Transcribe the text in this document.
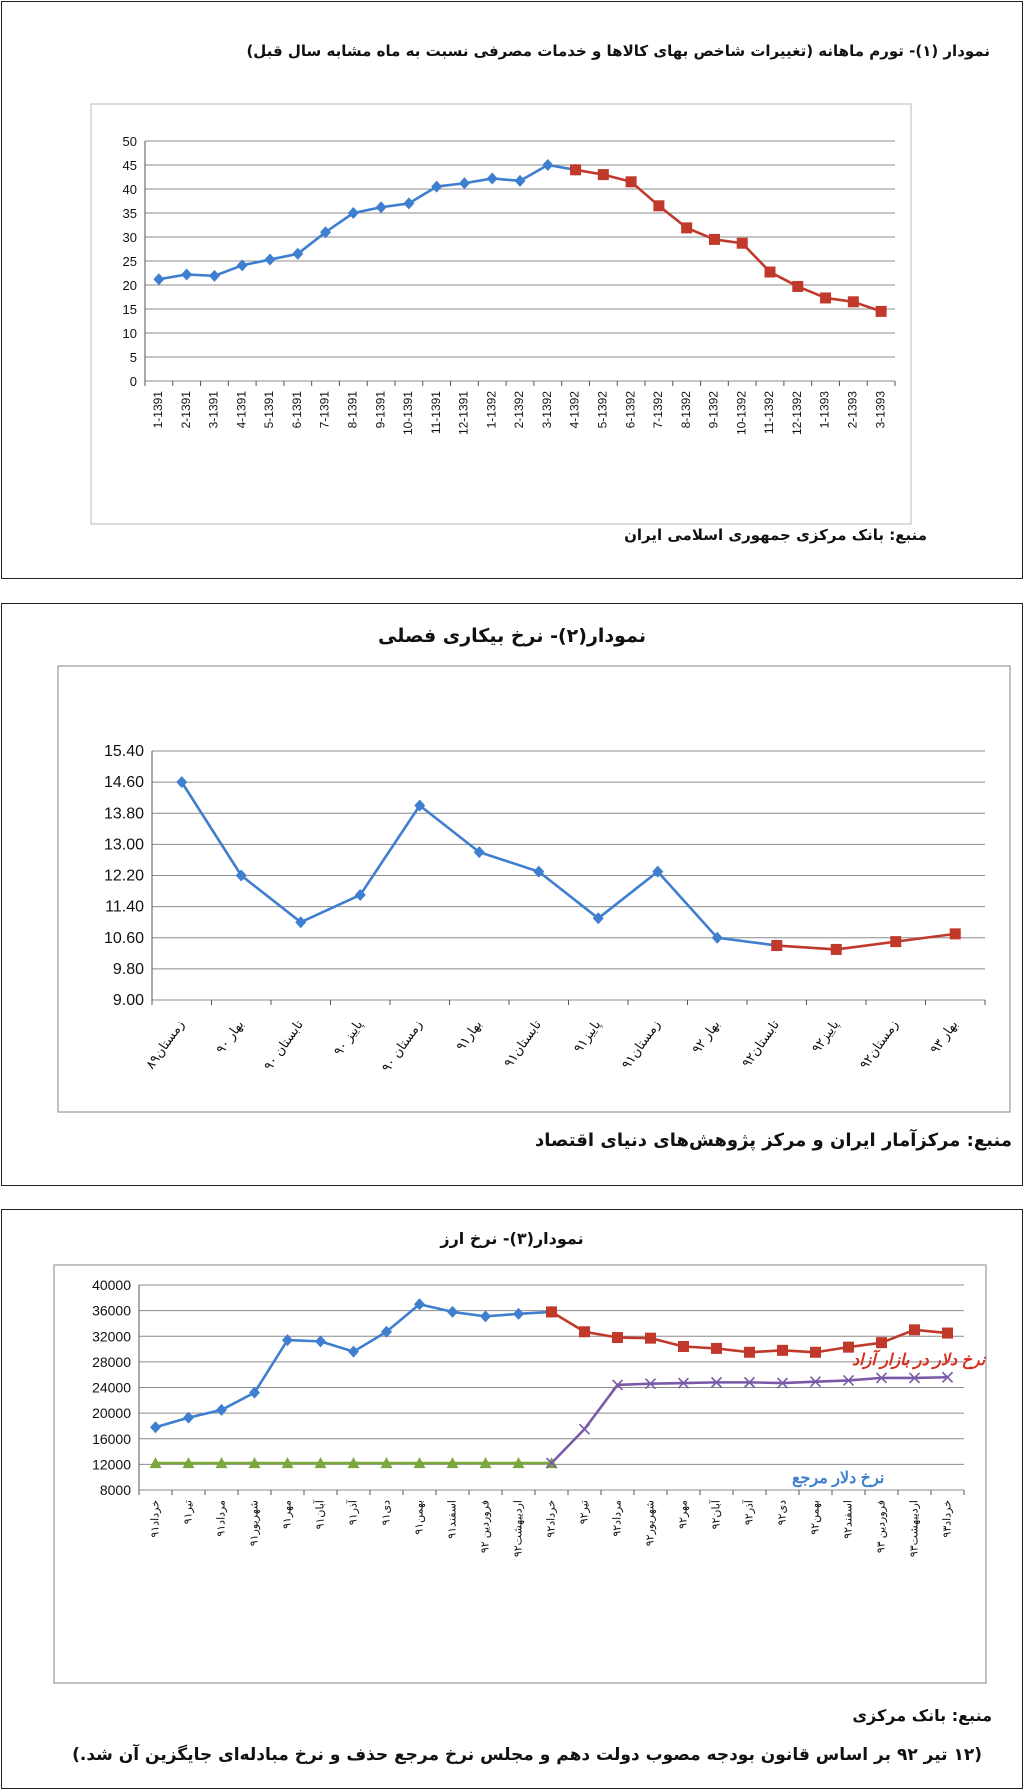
نمودار (۱)- تورم ماهانه (تغییرات شاخص بهای کالاها و خدمات مصرفی نسبت به ماه مشابه سال قبل)
0
5
10
15
20
25
30
35
40
45
50
1-1391 2-1391 3-1391 4-1391 5-1391 6-1391 7-1391 8-1391 9-1391 10-1391 11-1391 12-1391 1-1392 2-1392 3-1392 4-1392 5-1392 6-1392 7-1392 8-1392 9-1392 10-1392 11-1392 12-1392 1-1393 2-1393 3-1393
منبع: بانک مرکزی جمهوری اسلامی ایران
نمودار(۲)- نرخ بیکاری فصلی
9.00
9.80
10.60
11.40
12.20
13.00
13.80
14.60
15.40
زمستان۸۹ بهار ۹۰
تابستان ۹۰ پاییز ۹۰
زمستان ۹۰ بهار۹۱
تابستان۹۱ پاییز۹۱
زمستان۹۱ بهار ۹۲
تابستان۹۲ پاییز۹۲
زمستان۹۲ بهار ۹۳
منبع: مرکزآمار ایران و مرکز پژوهش‌های دنیای اقتصاد
نمودار(۳)- نرخ ارز
8000
12000
16000
20000
24000
28000
32000
36000
40000
خرداد۹۱ تیر۹۱
مرداد۹۱
شهریور۹۱ مهر۹۱
آبان۹۱
آذر۹۱
دی۹۱
بهمن۹۱
اسفند۹۱
فروردین ۹۲
اردیبهشت۹۲ خرداد۹۲ تیر۹۲
مرداد۹۲
شهریور۹۲ مهر۹۲
آبان۹۲
آذر۹۲
دی۹۲
بهمن۹۲
اسفند۹۲
فروردین ۹۳
اردیبهشت۹۳ خرداد۹۳
نرخ دلار در بازار آزاد
نرخ دلار مرجع
منبع: بانک مرکزی
(۱۲ تیر ۹۲ بر اساس قانون بودجه مصوب دولت دهم و مجلس نرخ مرجع حذف و نرخ مبادله‌ای جایگزین آن شد.)
